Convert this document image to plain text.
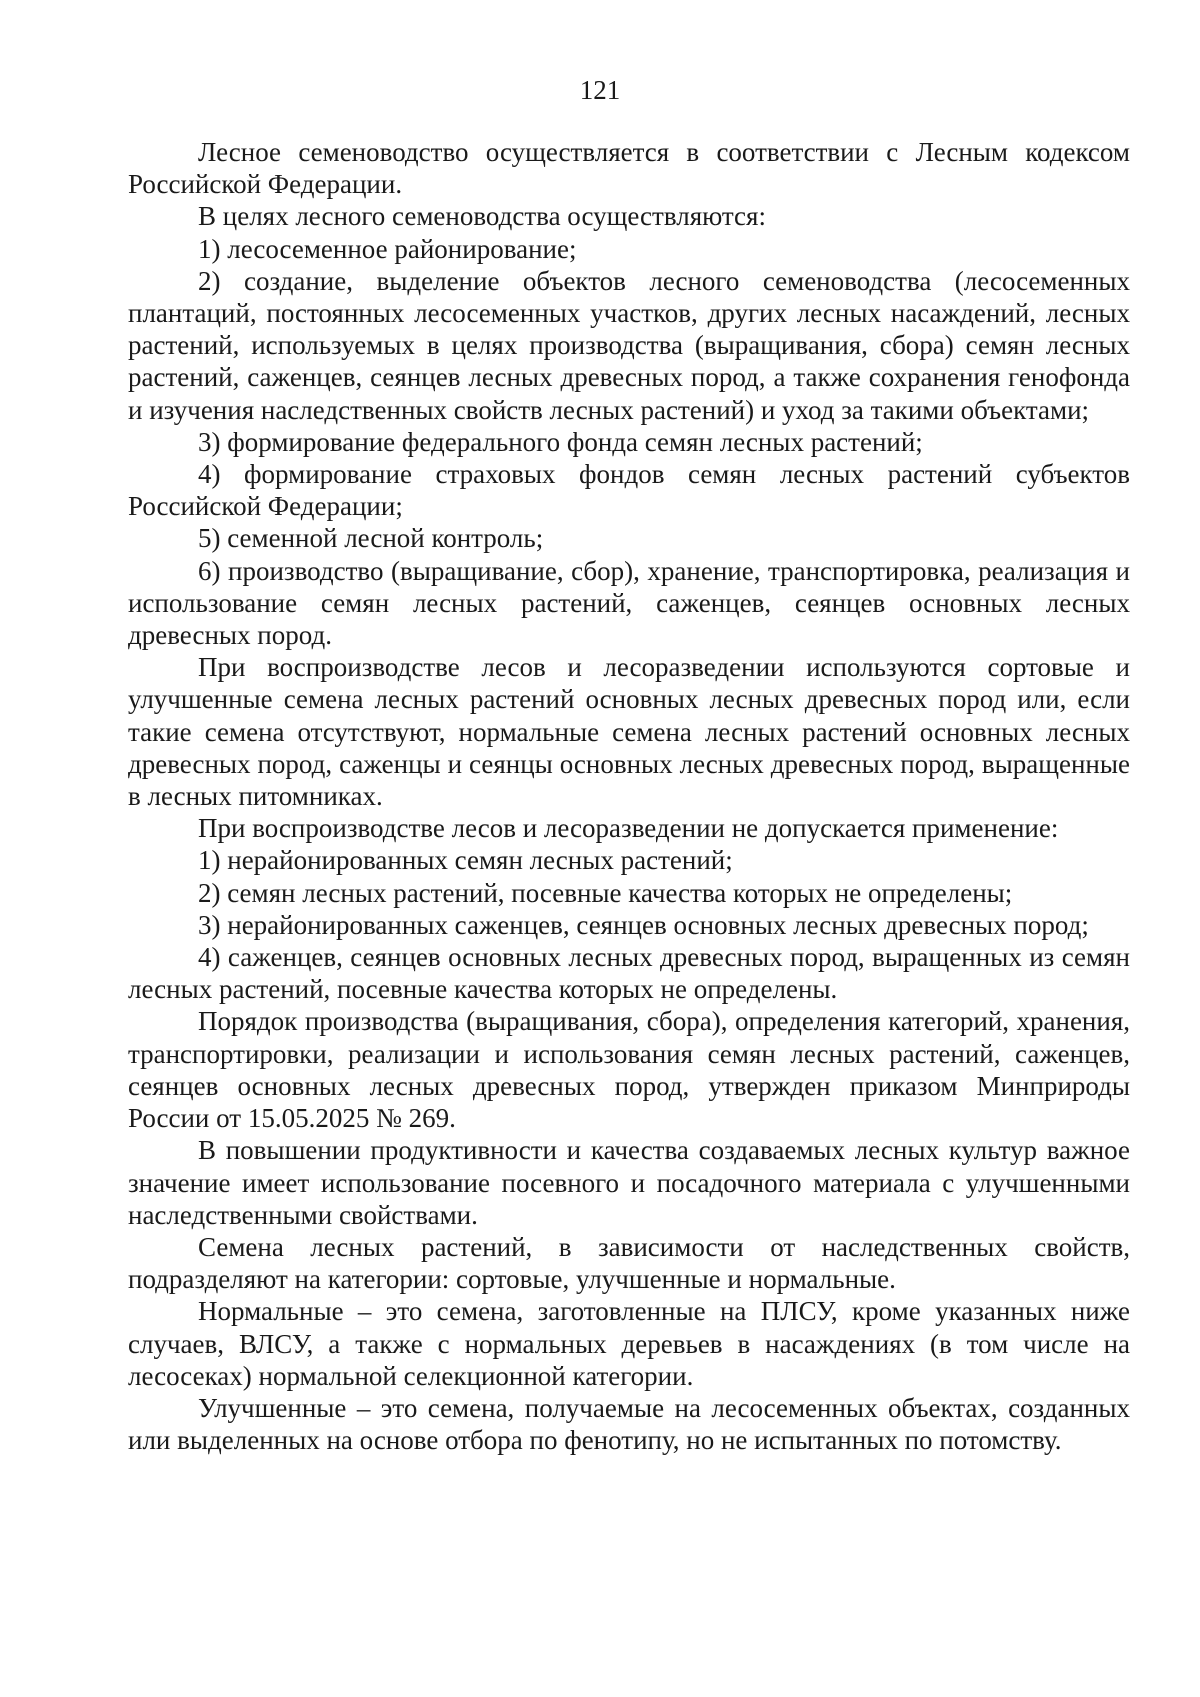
121

Лесное семеноводство осуществляется в соответствии с Лесным кодексом Российской Федерации.

В целях лесного семеноводства осуществляются:

1) лесосеменное районирование;

2) создание, выделение объектов лесного семеноводства (лесосеменных плантаций, постоянных лесосеменных участков, других лесных насаждений, лесных растений, используемых в целях производства (выращивания, сбора) семян лесных растений, саженцев, сеянцев лесных древесных пород, а также сохранения генофонда и изучения наследственных свойств лесных растений) и уход за такими объектами;

3) формирование федерального фонда семян лесных растений;

4) формирование страховых фондов семян лесных растений субъектов Российской Федерации;

5) семенной лесной контроль;

6) производство (выращивание, сбор), хранение, транспортировка, реализация и использование семян лесных растений, саженцев, сеянцев основных лесных древесных пород.

При воспроизводстве лесов и лесоразведении используются сортовые и улучшенные семена лесных растений основных лесных древесных пород или, если такие семена отсутствуют, нормальные семена лесных растений основных лесных древесных пород, саженцы и сеянцы основных лесных древесных пород, выращенные в лесных питомниках.

При воспроизводстве лесов и лесоразведении не допускается применение:

1) нерайонированных семян лесных растений;

2) семян лесных растений, посевные качества которых не определены;

3) нерайонированных саженцев, сеянцев основных лесных древесных пород;

4) саженцев, сеянцев основных лесных древесных пород, выращенных из семян лесных растений, посевные качества которых не определены.

Порядок производства (выращивания, сбора), определения категорий, хранения, транспортировки, реализации и использования семян лесных растений, саженцев, сеянцев основных лесных древесных пород, утвержден приказом Минприроды России от 15.05.2025 № 269.

В повышении продуктивности и качества создаваемых лесных культур важное значение имеет использование посевного и посадочного материала с улучшенными наследственными свойствами.

Семена лесных растений, в зависимости от наследственных свойств, подразделяют на категории: сортовые, улучшенные и нормальные.

Нормальные – это семена, заготовленные на ПЛСУ, кроме указанных ниже случаев, ВЛСУ, а также с нормальных деревьев в насаждениях (в том числе на лесосеках) нормальной селекционной категории.

Улучшенные – это семена, получаемые на лесосеменных объектах, созданных или выделенных на основе отбора по фенотипу, но не испытанных по потомству.
